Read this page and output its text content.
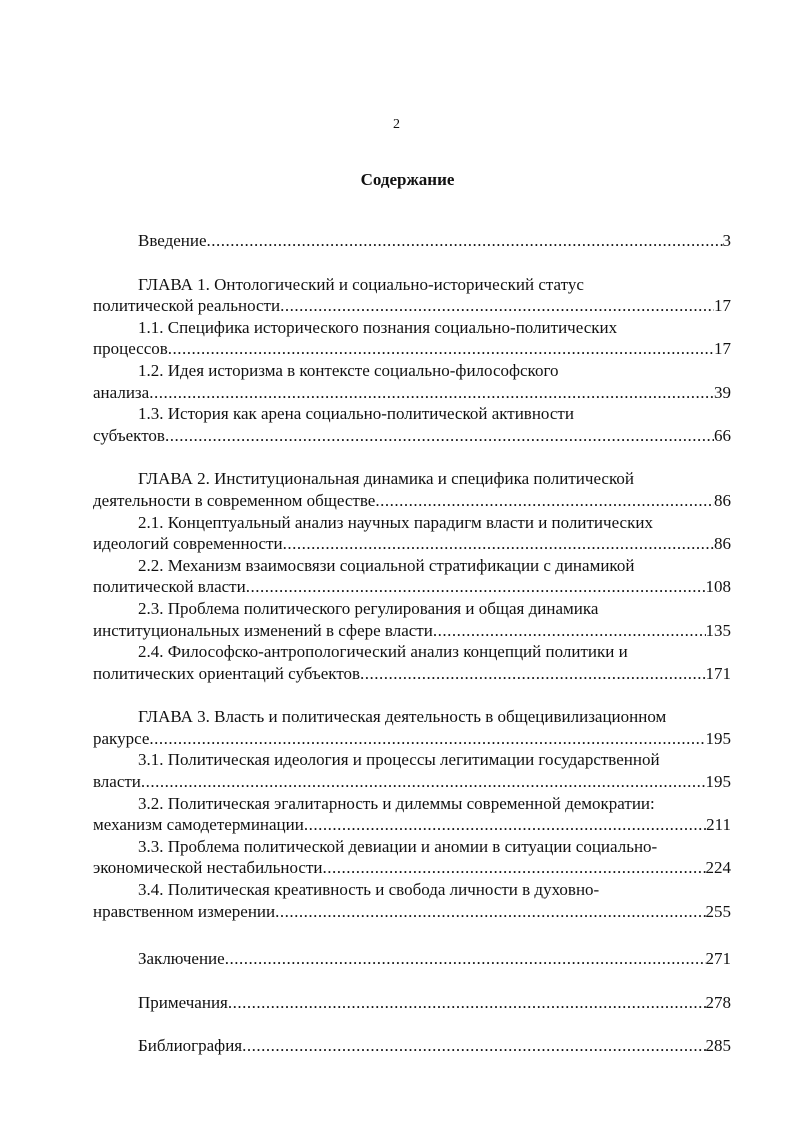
2
Содержание
Введение .....	3
ГЛАВА 1. Онтологический и социально-исторический статус
политической реальности .....	17
1.1. Специфика исторического познания социально-политических
процессов .....	17
1.2. Идея историзма в контексте социально-философского
анализа .....	39
1.3. История как арена социально-политической активности
субъектов .....	66
ГЛАВА 2. Институциональная динамика и специфика политической
деятельности в современном обществе .....	86
2.1. Концептуальный анализ научных парадигм власти и политических
идеологий современности .....	86
2.2. Механизм взаимосвязи социальной стратификации с динамикой
политической власти .....	108
2.3. Проблема политического регулирования и общая динамика
институциональных изменений в сфере власти .....	135
2.4. Философско-антропологический анализ концепций политики и
политических ориентаций субъектов .....	171
ГЛАВА 3. Власть и политическая деятельность в общецивилизационном
ракурсе .....	195
3.1. Политическая идеология и процессы легитимации государственной
власти .....	195
3.2. Политическая эгалитарность и дилеммы современной демократии:
механизм самодетерминации .....	211
3.3. Проблема политической девиации и аномии в ситуации социально-
экономической нестабильности .....	224
3.4. Политическая креативность и свобода личности в духовно-
нравственном измерении .....	255
Заключение .....	271
Примечания .....	278
Библиография .....	285
